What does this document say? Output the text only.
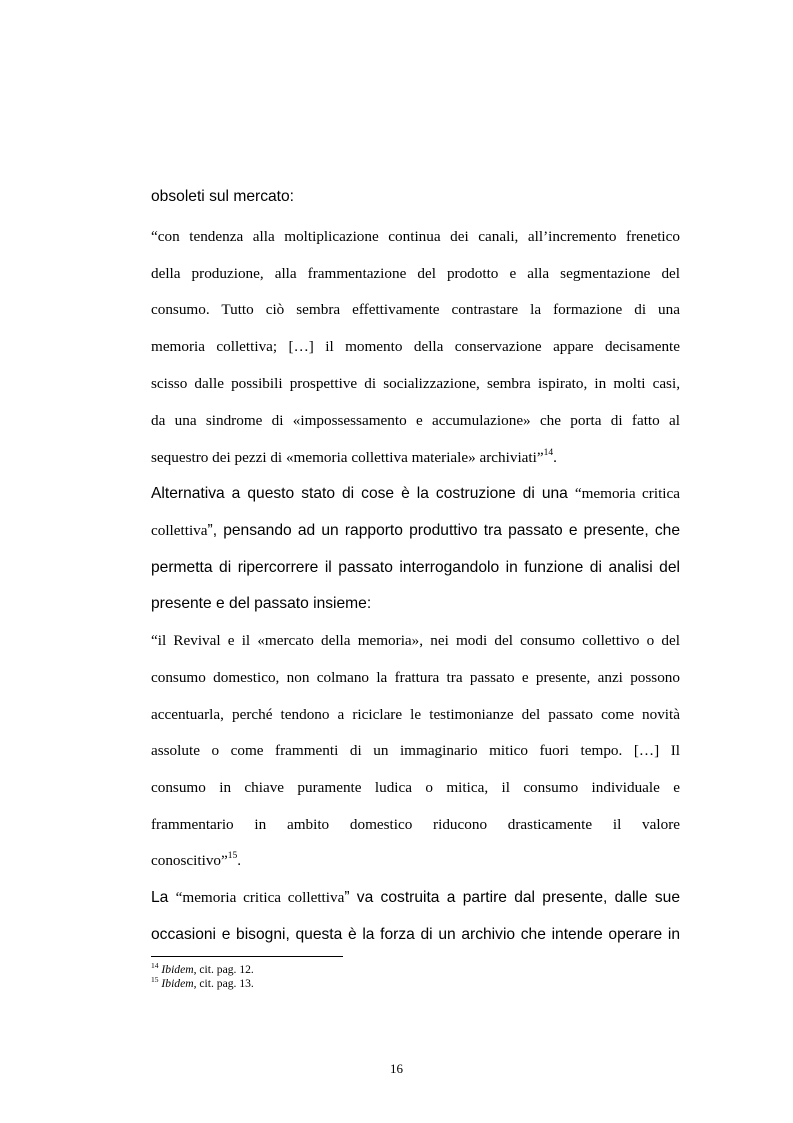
obsoleti sul mercato:
“con tendenza alla moltiplicazione continua dei canali, all’incremento frenetico
della produzione, alla frammentazione del prodotto e alla segmentazione del
consumo. Tutto ciò sembra effettivamente contrastare la formazione di una
memoria collettiva; […] il momento della conservazione appare decisamente
scisso dalle possibili prospettive di socializzazione, sembra ispirato, in molti casi,
da una sindrome di «impossessamento e accumulazione» che porta di fatto al
sequestro dei pezzi di «memoria collettiva materiale» archiviati”$^{14}$.
Alternativa a questo stato di cose è la costruzione di una “memoria critica
collettiva”, pensando ad un rapporto produttivo tra passato e presente, che
permetta di ripercorrere il passato interrogandolo in funzione di analisi del
presente e del passato insieme:
“il Revival e il «mercato della memoria», nei modi del consumo collettivo o del
consumo domestico, non colmano la frattura tra passato e presente, anzi possono
accentuarla, perché tendono a riciclare le testimonianze del passato come novità
assolute o come frammenti di un immaginario mitico fuori tempo. […] Il
consumo in chiave puramente ludica o mitica, il consumo individuale e
frammentario in ambito domestico riducono drasticamente il valore
conoscitivo”$^{15}$.
La “memoria critica collettiva” va costruita a partire dal presente, dalle sue
occasioni e bisogni, questa è la forza di un archivio che intende operare in
$^{14}$ Ibidem, cit. pag. 12.
$^{15}$ Ibidem, cit. pag. 13.
16
